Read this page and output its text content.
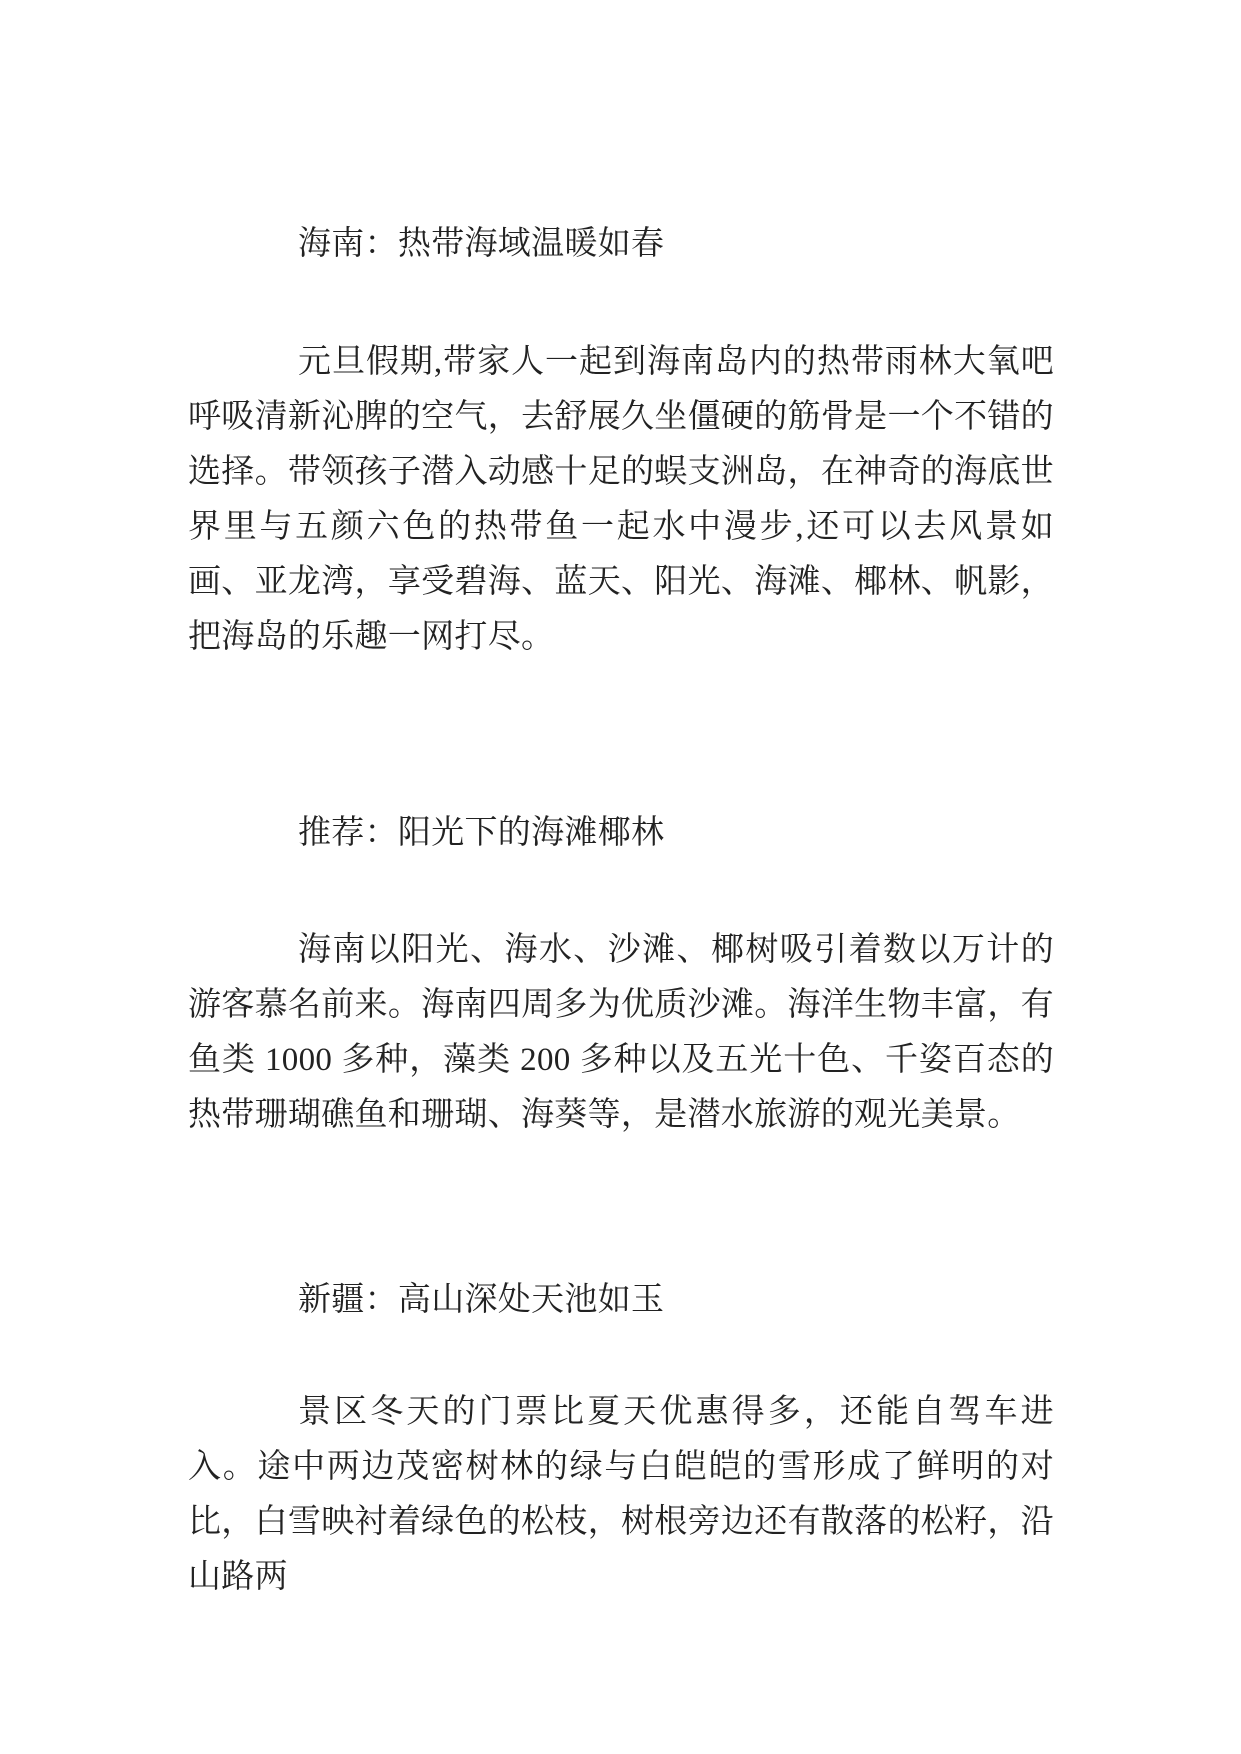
海南：热带海域温暖如春

元旦假期,带家人一起到海南岛内的热带雨林大氧吧呼吸清新沁脾的空气，去舒展久坐僵硬的筋骨是一个不错的选择。带领孩子潜入动感十足的蜈支洲岛，在神奇的海底世界里与五颜六色的热带鱼一起水中漫步,还可以去风景如画、亚龙湾，享受碧海、蓝天、阳光、海滩、椰林、帆影，把海岛的乐趣一网打尽。

推荐：阳光下的海滩椰林

海南以阳光、海水、沙滩、椰树吸引着数以万计的游客慕名前来。海南四周多为优质沙滩。海洋生物丰富，有鱼类 1000 多种，藻类 200 多种以及五光十色、千姿百态的热带珊瑚礁鱼和珊瑚、海葵等，是潜水旅游的观光美景。

新疆：高山深处天池如玉

景区冬天的门票比夏天优惠得多，还能自驾车进入。途中两边茂密树林的绿与白皑皑的雪形成了鲜明的对比，白雪映衬着绿色的松枝，树根旁边还有散落的松籽，沿山路两
